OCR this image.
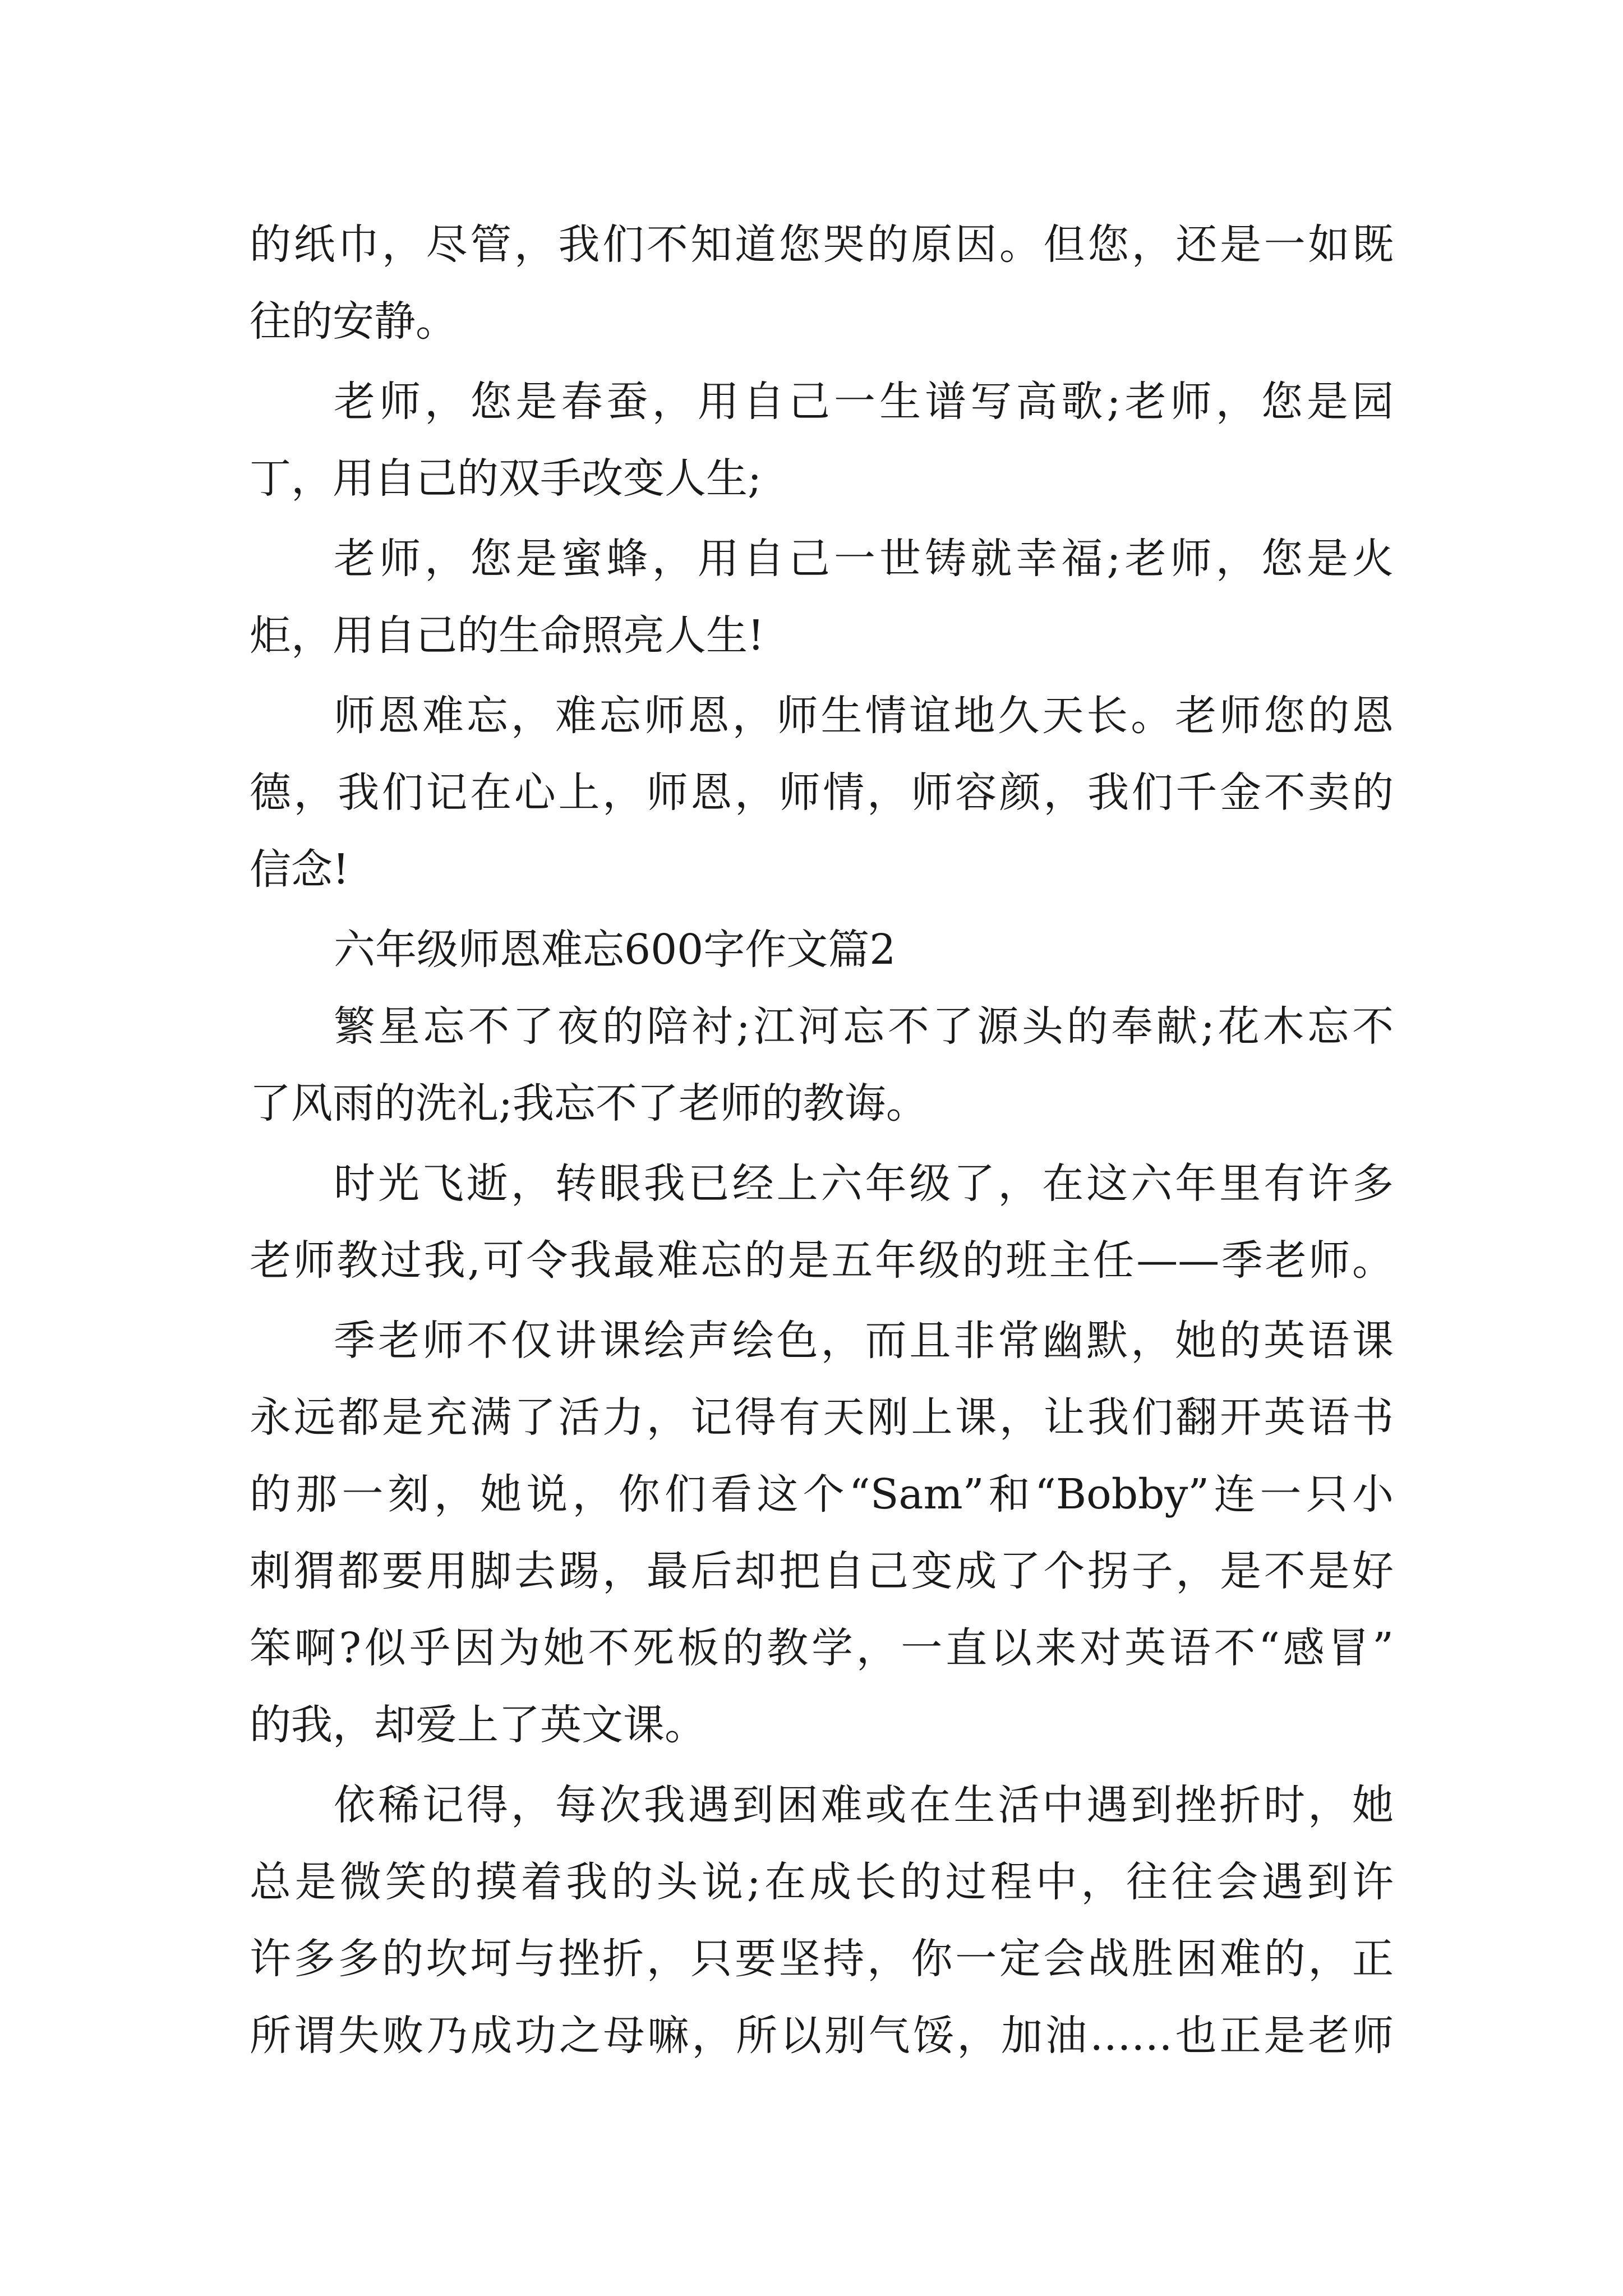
的纸巾，尽管，我们不知道您哭的原因。但您，还是一如既
往的安静。
老师，您是春蚕，用自己一生谱写高歌;老师，您是园
丁，用自己的双手改变人生;
老师，您是蜜蜂，用自己一世铸就幸福;老师，您是火
炬，用自己的生命照亮人生!
师恩难忘，难忘师恩，师生情谊地久天长。老师您的恩
德，我们记在心上，师恩，师情，师容颜，我们千金不卖的
信念!
六年级师恩难忘600字作文篇2
繁星忘不了夜的陪衬;江河忘不了源头的奉献;花木忘不
了风雨的洗礼;我忘不了老师的教诲。
时光飞逝，转眼我已经上六年级了，在这六年里有许多
老师教过我,可令我最难忘的是五年级的班主任——季老师。
季老师不仅讲课绘声绘色，而且非常幽默，她的英语课
永远都是充满了活力，记得有天刚上课，让我们翻开英语书
的那一刻，她说，你们看这个“Sam”和“Bobby”连一只小
刺猬都要用脚去踢，最后却把自己变成了个拐子，是不是好
笨啊?似乎因为她不死板的教学，一直以来对英语不“感冒”
的我，却爱上了英文课。
依稀记得，每次我遇到困难或在生活中遇到挫折时，她
总是微笑的摸着我的头说;在成长的过程中，往往会遇到许
许多多的坎坷与挫折，只要坚持，你一定会战胜困难的，正
所谓失败乃成功之母嘛，所以别气馁，加油……也正是老师
